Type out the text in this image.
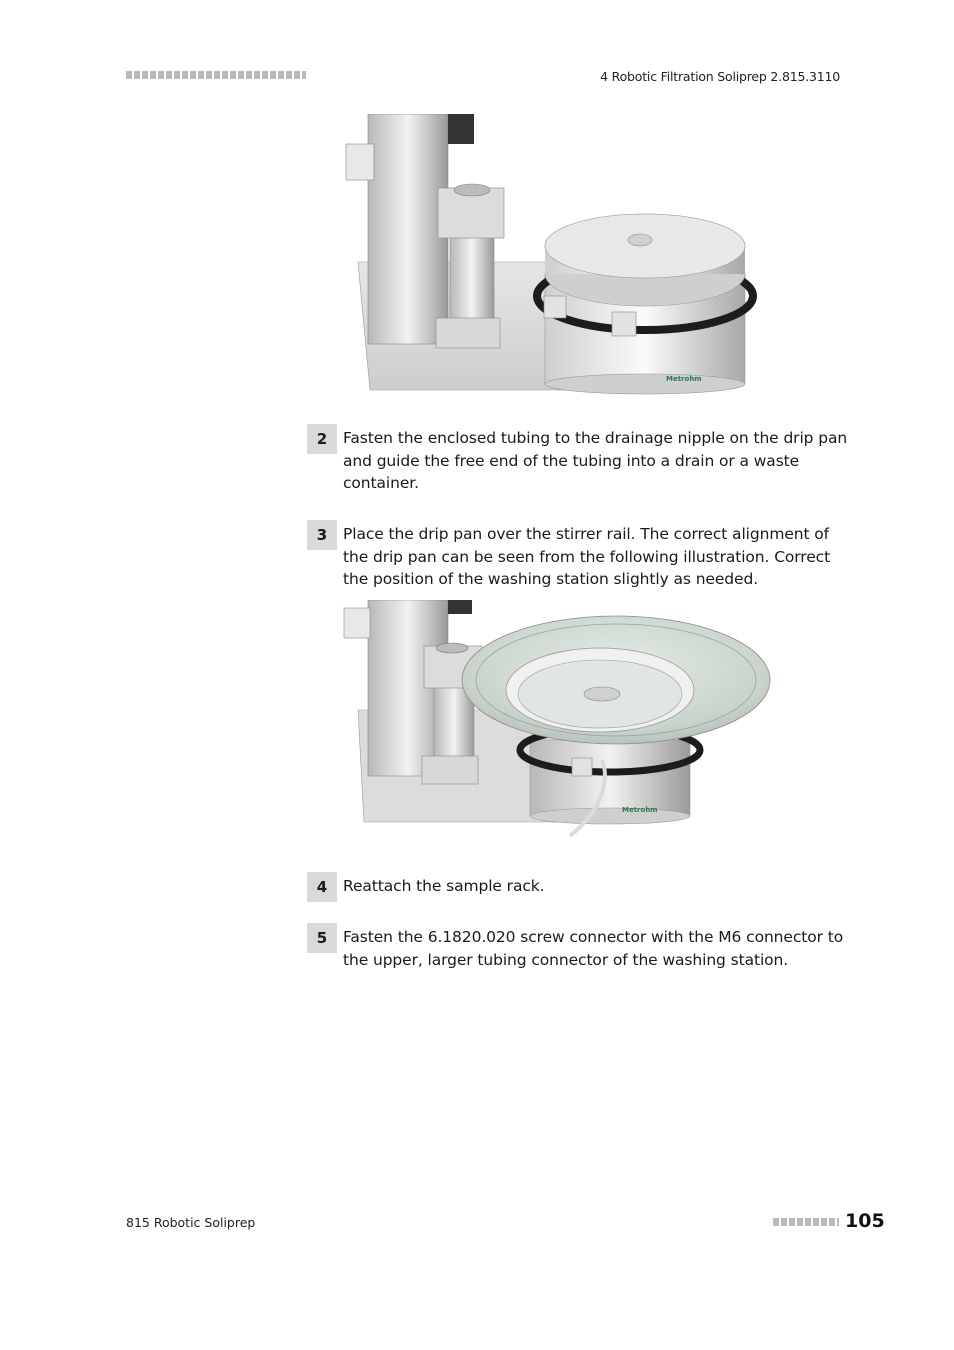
4 Robotic Filtration Soliprep 2.815.3110
Metrohm
2	Fasten the enclosed tubing to the drainage nipple on the drip pan and guide the free end of the tubing into a drain or a waste container.
3	Place the drip pan over the stirrer rail. The correct alignment of the drip pan can be seen from the following illustration. Correct the position of the washing station slightly as needed.
Metrohm
4	Reattach the sample rack.
5	Fasten the 6.1820.020 screw connector with the M6 connector to the upper, larger tubing connector of the washing station.
815 Robotic Soliprep	105
